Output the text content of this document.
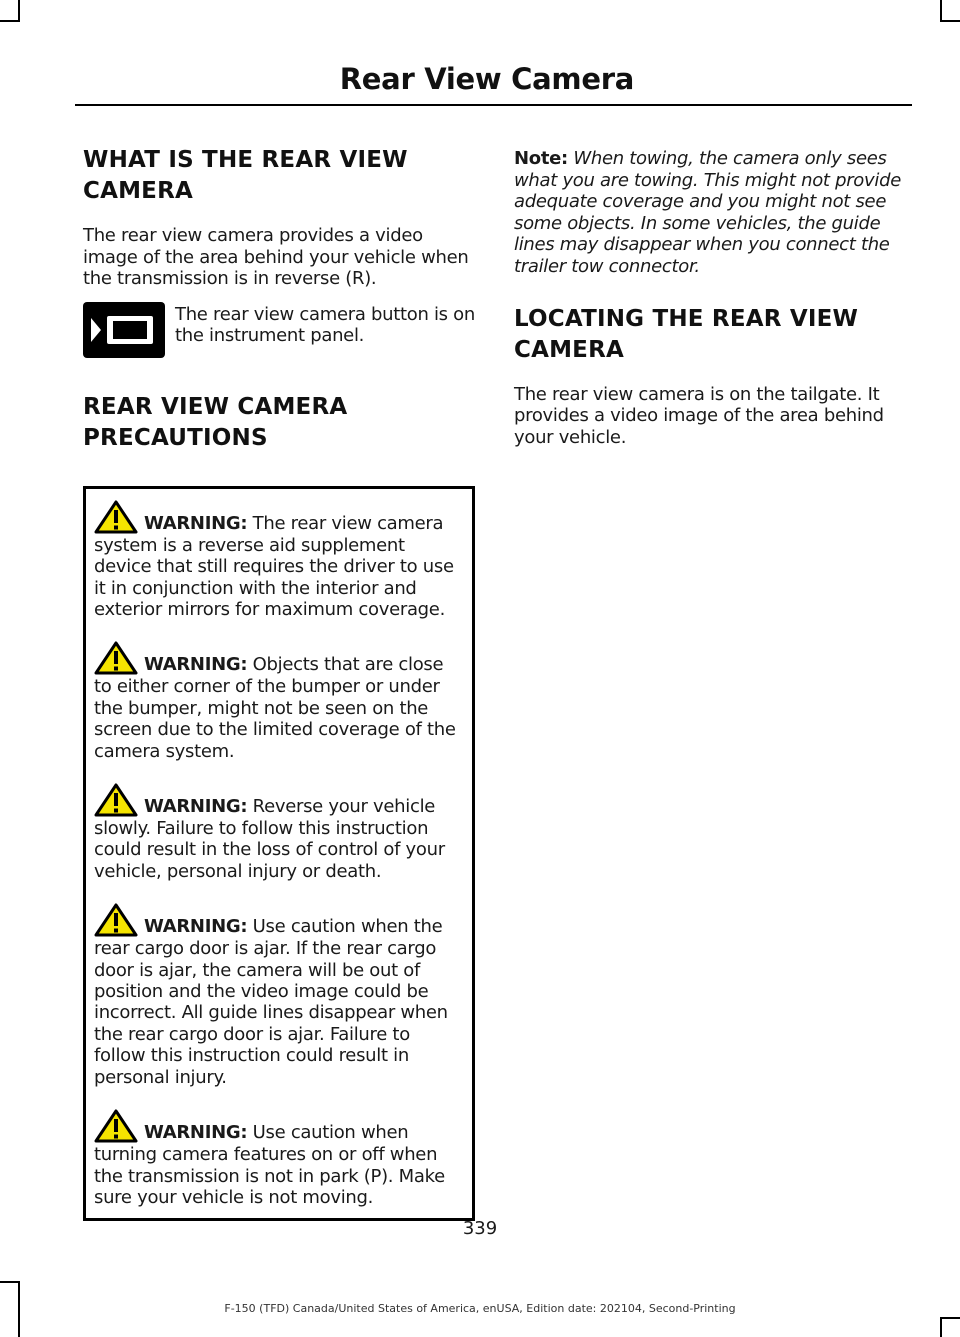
Rear View Camera
WHAT IS THE REAR VIEW
CAMERA

The rear view camera provides a video image of the area behind your vehicle when the transmission is in reverse (R).

The rear view camera button is on the instrument panel.

REAR VIEW CAMERA
PRECAUTIONS
WARNING: The rear view camera system is a reverse aid supplement device that still requires the driver to use it in conjunction with the interior and exterior mirrors for maximum coverage.
WARNING: Objects that are close to either corner of the bumper or under the bumper, might not be seen on the screen due to the limited coverage of the camera system.
WARNING: Reverse your vehicle slowly. Failure to follow this instruction could result in the loss of control of your vehicle, personal injury or death.
WARNING: Use caution when the rear cargo door is ajar. If the rear cargo door is ajar, the camera will be out of position and the video image could be incorrect. All guide lines disappear when the rear cargo door is ajar. Failure to follow this instruction could result in personal injury.
WARNING: Use caution when turning camera features on or off when the transmission is not in park (P). Make sure your vehicle is not moving.

Note: When towing, the camera only sees what you are towing. This might not provide adequate coverage and you might not see some objects. In some vehicles, the guide lines may disappear when you connect the trailer tow connector.

LOCATING THE REAR VIEW
CAMERA

The rear view camera is on the tailgate. It provides a video image of the area behind your vehicle.

339
F-150 (TFD) Canada/United States of America, enUSA, Edition date: 202104, Second-Printing
